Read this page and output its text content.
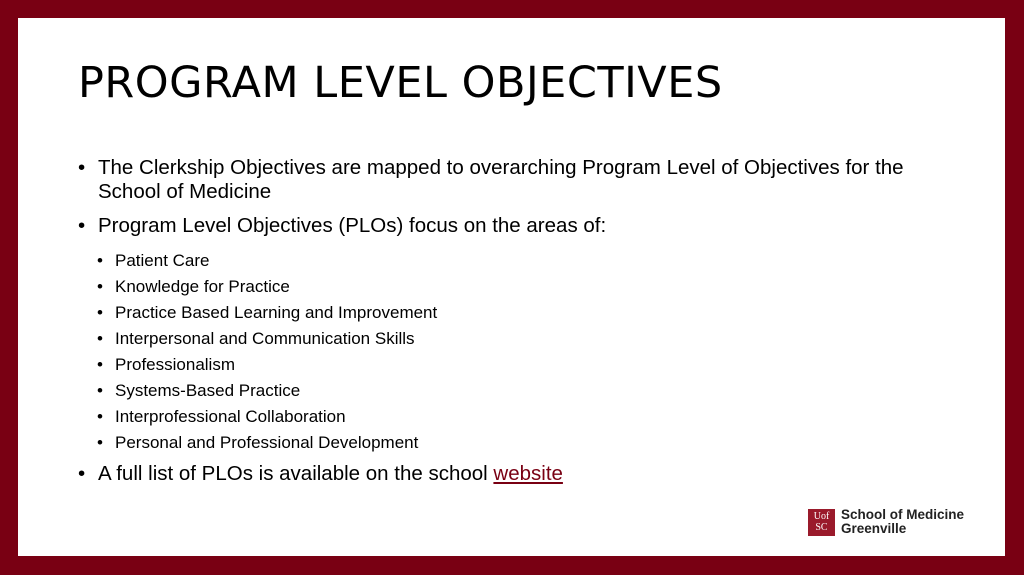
PROGRAM LEVEL OBJECTIVES
• The Clerkship Objectives are mapped to overarching Program Level of Objectives for the School of Medicine
• Program Level Objectives (PLOs) focus on the areas of:
• Patient Care
• Knowledge for Practice
• Practice Based Learning and Improvement
• Interpersonal and Communication Skills
• Professionalism
• Systems-Based Practice
• Interprofessional Collaboration
• Personal and Professional Development
• A full list of PLOs is available on the school website
Uof
SC
School of Medicine
Greenville
